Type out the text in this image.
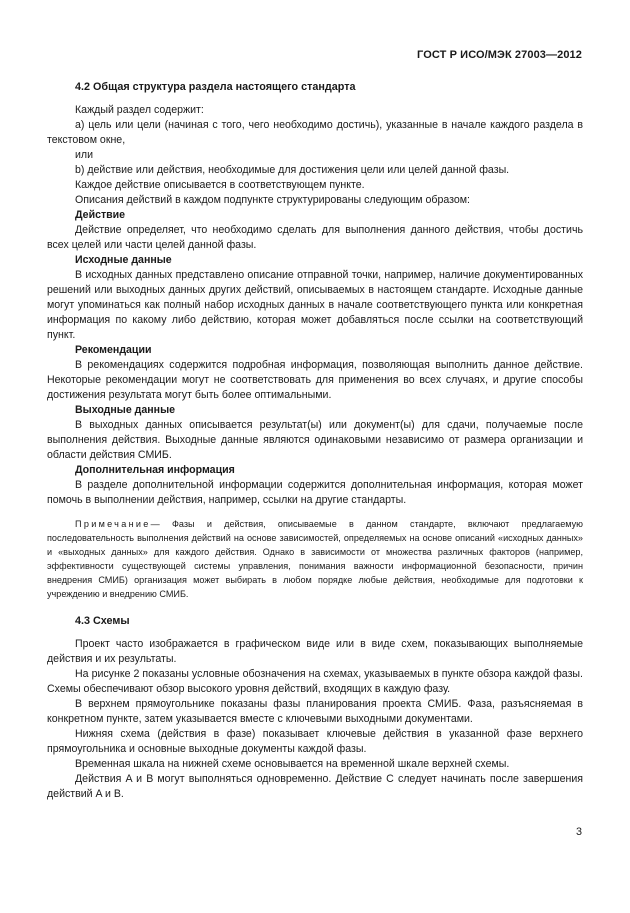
ГОСТ Р ИСО/МЭК 27003—2012

4.2 Общая структура раздела настоящего стандарта

Каждый раздел содержит:

a) цель или цели (начиная с того, чего необходимо достичь), указанные в начале каждого раздела в текстовом окне,

или

b) действие или действия, необходимые для достижения цели или целей данной фазы.

Каждое действие описывается в соответствующем пункте.

Описания действий в каждом подпункте структурированы следующим образом:

Действие

Действие определяет, что необходимо сделать для выполнения данного действия, чтобы достичь всех целей или части целей данной фазы.

Исходные данные

В исходных данных представлено описание отправной точки, например, наличие документированных решений или выходных данных других действий, описываемых в настоящем стандарте. Исходные данные могут упоминаться как полный набор исходных данных в начале соответствующего пункта или конкретная информация по какому либо действию, которая может добавляться после ссылки на соответствующий пункт.

Рекомендации

В рекомендациях содержится подробная информация, позволяющая выполнить данное действие. Некоторые рекомендации могут не соответствовать для применения во всех случаях, и другие способы достижения результата могут быть более оптимальными.

Выходные данные

В выходных данных описывается результат(ы) или документ(ы) для сдачи, получаемые после выполнения действия. Выходные данные являются одинаковыми независимо от размера организации и области действия СМИБ.

Дополнительная информация

В разделе дополнительной информации содержится дополнительная информация, которая может помочь в выполнении действия, например, ссылки на другие стандарты.

Примечание— Фазы и действия, описываемые в данном стандарте, включают предлагаемую последовательность выполнения действий на основе зависимостей, определяемых на основе описаний «исходных данных» и «выходных данных» для каждого действия. Однако в зависимости от множества различных факторов (например, эффективности существующей системы управления, понимания важности информационной безопасности, причин внедрения СМИБ) организация может выбирать в любом порядке любые действия, необходимые для подготовки к учреждению и внедрению СМИБ.

4.3 Схемы

Проект часто изображается в графическом виде или в виде схем, показывающих выполняемые действия и их результаты.

На рисунке 2 показаны условные обозначения на схемах, указываемых в пункте обзора каждой фазы. Схемы обеспечивают обзор высокого уровня действий, входящих в каждую фазу.

В верхнем прямоугольнике показаны фазы планирования проекта СМИБ. Фаза, разъясняемая в конкретном пункте, затем указывается вместе с ключевыми выходными документами.

Нижняя схема (действия в фазе) показывает ключевые действия в указанной фазе верхнего прямоугольника и основные выходные документы каждой фазы.

Временная шкала на нижней схеме основывается на временной шкале верхней схемы.

Действия A и B могут выполняться одновременно. Действие C следует начинать после завершения действий A и B.

3
